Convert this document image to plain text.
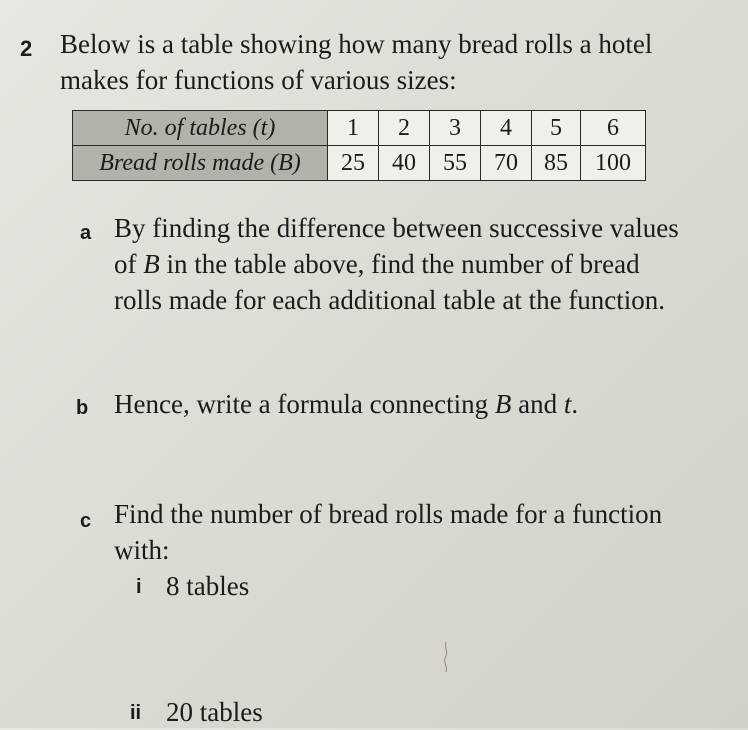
2 Below is a table showing how many bread rolls a hotel makes for functions of various sizes:
No. of tables (t)	1	2	3	4	5	6
Bread rolls made (B)	25	40	55	70	85	100
a By finding the difference between successive values
of B in the table above, find the number of bread
rolls made for each additional table at the function.
b Hence, write a formula connecting B and t.
c Find the number of bread rolls made for a function
with:
i 8 tables
ii 20 tables
